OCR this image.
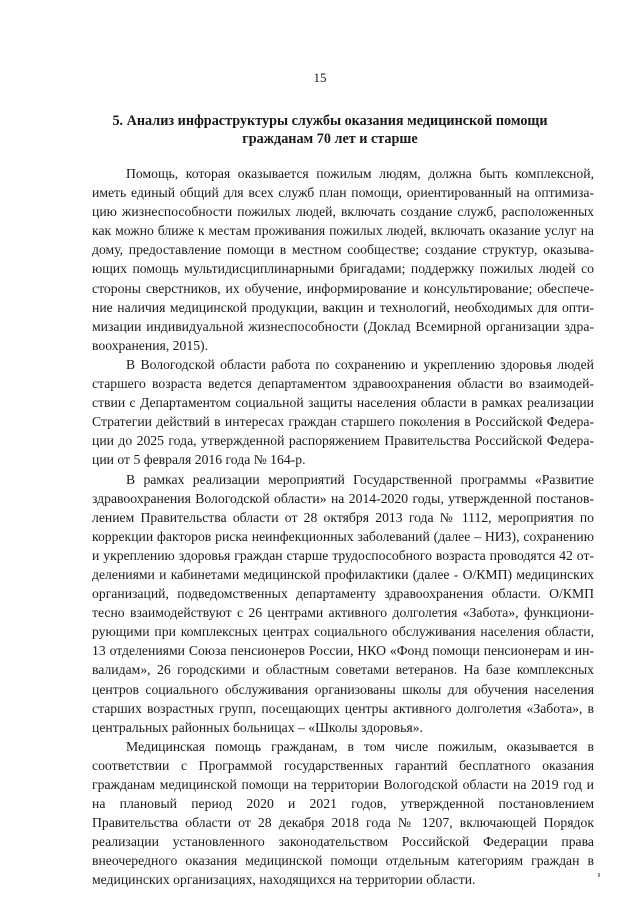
15
5. Анализ инфраструктуры службы оказания медицинской помощи
гражданам 70 лет и старше

Помощь, которая оказывается пожилым людям, должна быть комплексной, иметь единый общий для всех служб план помощи, ориентированный на оптимизацию жизнеспособности пожилых людей, включать создание служб, расположенных как можно ближе к местам проживания пожилых людей, включать оказание услуг на дому, предоставление помощи в местном сообществе; создание структур, оказывающих помощь мультидисциплинарными бригадами; поддержку пожилых людей со стороны сверстников, их обучение, информирование и консультирование; обеспечение наличия медицинской продукции, вакцин и технологий, необходимых для оптимизации индивидуальной жизнеспособности (Доклад Всемирной организации здравоохранения, 2015).

В Вологодской области работа по сохранению и укреплению здоровья людей старшего возраста ведется департаментом здравоохранения области во взаимодействии с Департаментом социальной защиты населения области в рамках реализации Стратегии действий в интересах граждан старшего поколения в Российской Федерации до 2025 года, утвержденной распоряжением Правительства Российской Федерации от 5 февраля 2016 года № 164-р.

В рамках реализации мероприятий Государственной программы «Развитие здравоохранения Вологодской области» на 2014-2020 годы, утвержденной постановлением Правительства области от 28 октября 2013 года № 1112, мероприятия по коррекции факторов риска неинфекционных заболеваний (далее – НИЗ), сохранению и укреплению здоровья граждан старше трудоспособного возраста проводятся 42 отделениями и кабинетами медицинской профилактики (далее - О/КМП) медицинских организаций, подведомственных департаменту здравоохранения области. О/КМП тесно взаимодействуют с 26 центрами активного долголетия «Забота», функционирующими при комплексных центрах социального обслуживания населения области, 13 отделениями Союза пенсионеров России, НКО «Фонд помощи пенсионерам и инвалидам», 26 городскими и областным советами ветеранов. На базе комплексных центров социального обслуживания организованы школы для обучения населения старших возрастных групп, посещающих центры активного долголетия «Забота», в центральных районных больницах – «Школы здоровья».

Медицинская помощь гражданам, в том числе пожилым, оказывается в соответствии с Программой государственных гарантий бесплатного оказания гражданам медицинской помощи на территории Вологодской области на 2019 год и на плановый период 2020 и 2021 годов, утвержденной постановлением Правительства области от 28 декабря 2018 года № 1207, включающей Порядок реализации установленного законодательством Российской Федерации права внеочередного оказания медицинской помощи отдельным категориям граждан в медицинских организациях, находящихся на территории области.
